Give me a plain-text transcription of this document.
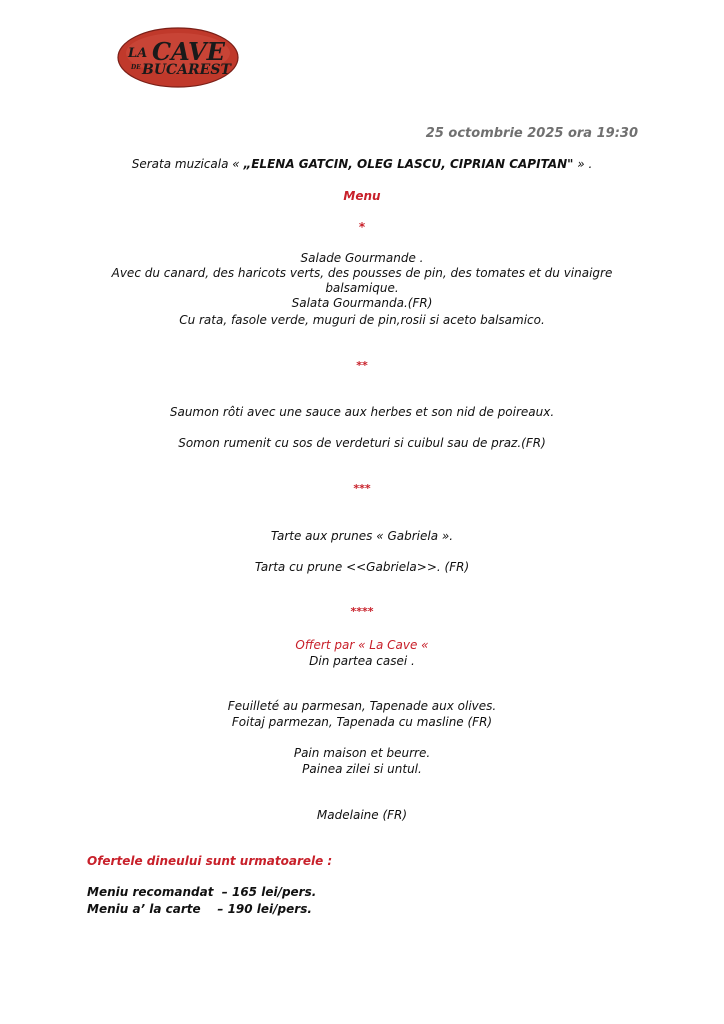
LA CAVE
DE BUCAREST
25 octombrie 2025 ora 19:30
Serata muzicala « „ELENA GATCIN, OLEG LASCU, CIPRIAN CAPITAN" » .
Menu
*
Salade Gourmande .
Avec du canard, des haricots verts, des pousses de pin, des tomates et du vinaigre
balsamique.
Salata Gourmanda.(FR)
Cu rata, fasole verde, muguri de pin,rosii si aceto balsamico.
**
Saumon rôti avec une sauce aux herbes et son nid de poireaux.
Somon rumenit cu sos de verdeturi si cuibul sau de praz.(FR)
***
Tarte aux prunes « Gabriela ».
Tarta cu prune <<Gabriela>>. (FR)
****
Offert par « La Cave «
Din partea casei .
Feuilleté au parmesan, Tapenade aux olives.
Foitaj parmezan, Tapenada cu masline (FR)
Pain maison et beurre.
Painea zilei si untul.
Madelaine (FR)
Ofertele dineului sunt urmatoarele :
Meniu recomandat  – 165 lei/pers.
Meniu a’ la carte    – 190 lei/pers.
